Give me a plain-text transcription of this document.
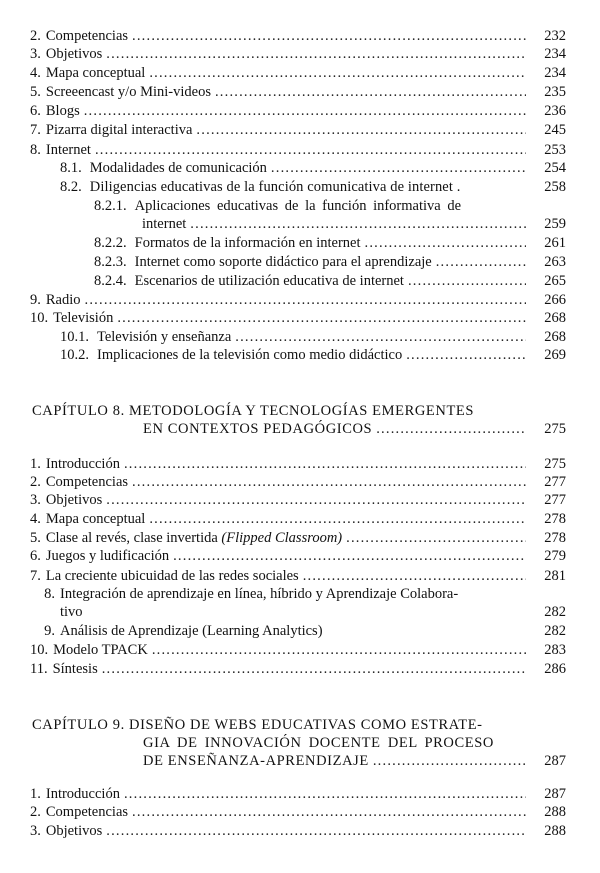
2. Competencias .....	232
3. Objetivos .....	234
4. Mapa conceptual .....	234
5. Screeencast y/o Mini-videos .....	235
6. Blogs .....	236
7. Pizarra digital interactiva .....	245
8. Internet .....	253
8.1. Modalidades de comunicación .....	254
8.2. Diligencias educativas de la función comunicativa de internet .	258
8.2.1. Aplicaciones educativas de la función informativa de
internet .....	259
8.2.2. Formatos de la información en internet .....	261
8.2.3. Internet como soporte didáctico para el aprendizaje .....	263
8.2.4. Escenarios de utilización educativa de internet .....	265
9. Radio .....	266
10. Televisión .....	268
10.1. Televisión y enseñanza .....	268
10.2. Implicaciones de la televisión como medio didáctico .....	269
CAPÍTULO 8. METODOLOGÍA Y TECNOLOGÍAS EMERGENTES
EN CONTEXTOS PEDAGÓGICOS .....	275
1. Introducción .....	275
2. Competencias .....	277
3. Objetivos .....	277
4. Mapa conceptual .....	278
5. Clase al revés, clase invertida (Flipped Classroom) .....	278
6. Juegos y ludificación .....	279
7. La creciente ubicuidad de las redes sociales .....	281
8. Integración de aprendizaje en línea, híbrido y Aprendizaje Colabora-
tivo	282
9. Análisis de Aprendizaje (Learning Analytics)	282
10. Modelo TPACK .....	283
11. Síntesis .....	286
CAPÍTULO 9. DISEÑO DE WEBS EDUCATIVAS COMO ESTRATE-
GIA DE INNOVACIÓN DOCENTE DEL PROCESO
DE ENSEÑANZA-APRENDIZAJE .....	287
1. Introducción .....	287
2. Competencias .....	288
3. Objetivos .....	288
